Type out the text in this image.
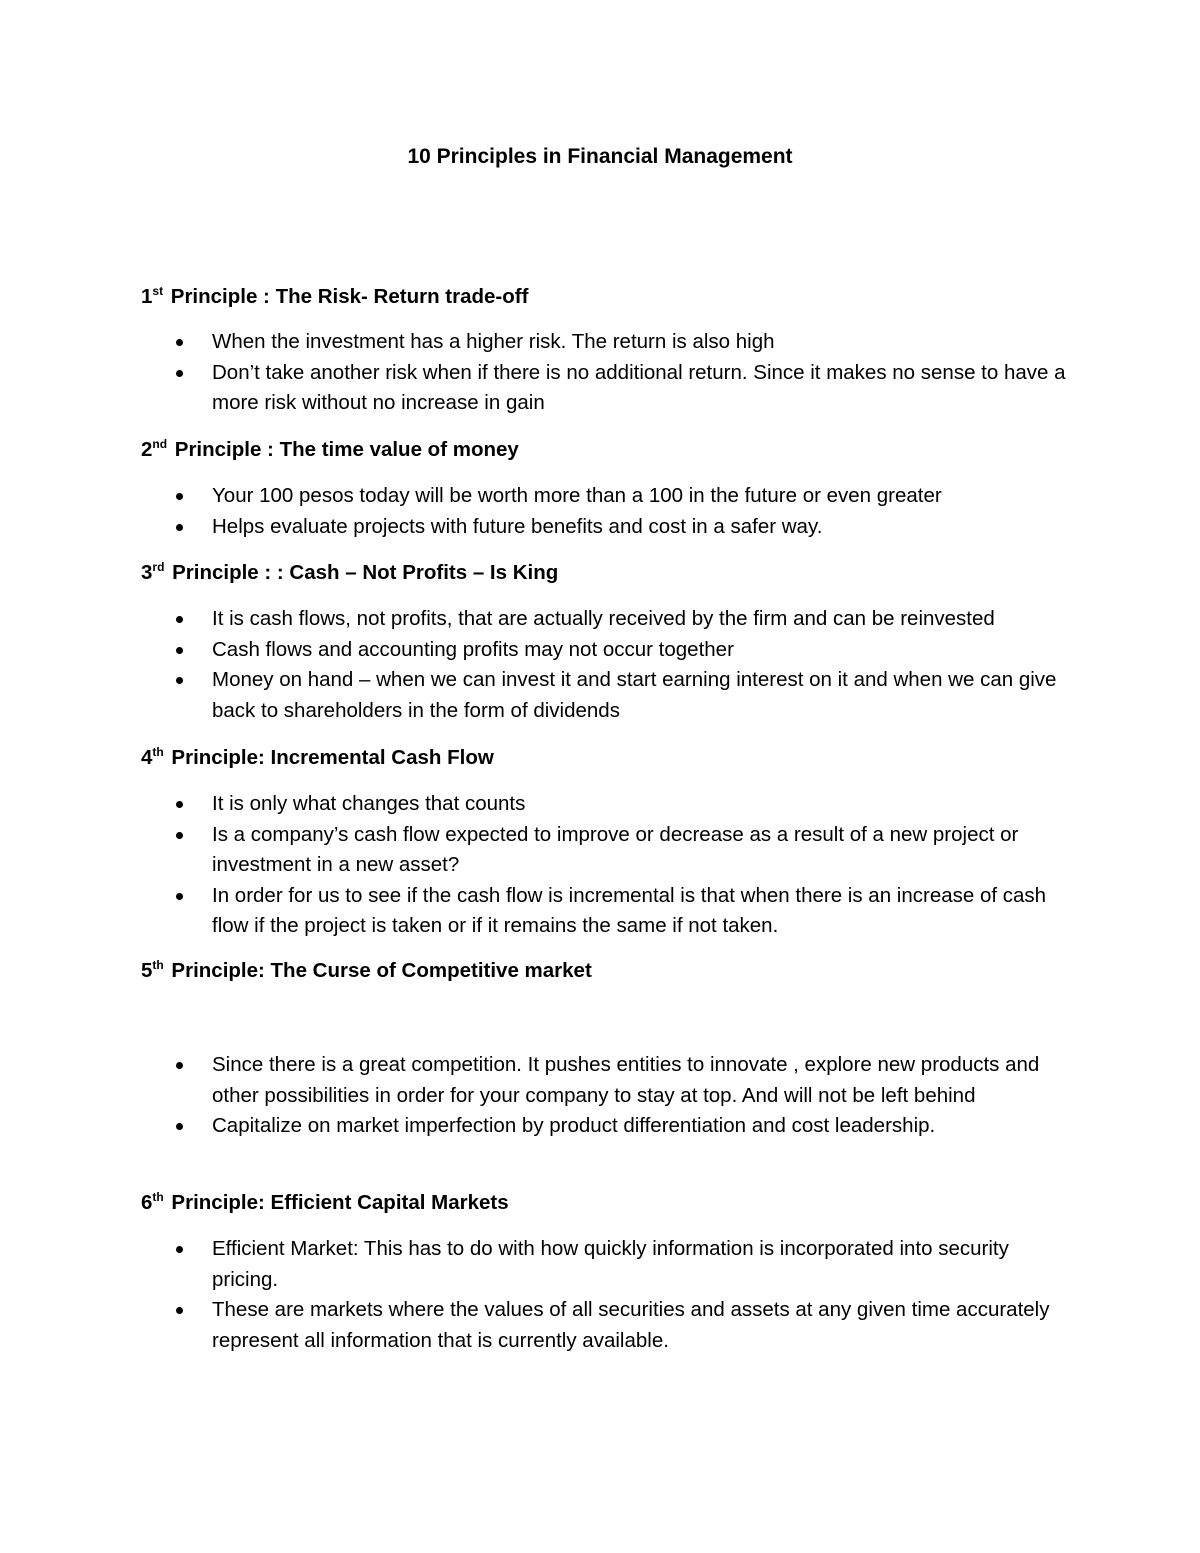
10 Principles in Financial Management
1st Principle : The Risk- Return trade-off
When the investment has a higher risk. The return is also high
Don’t take another risk when if there is no additional return. Since it makes no sense to have a more risk without no increase in gain
2nd Principle : The time value of money
Your 100 pesos today will be worth more than a 100 in the future or even greater
Helps evaluate projects with future benefits and cost in a safer way.
3rd Principle : : Cash – Not Profits – Is King
It is cash flows, not profits, that are actually received by the firm and can be reinvested
Cash flows and accounting profits may not occur together
Money on hand – when we can invest it and start earning interest on it and when we can give back to shareholders in the form of dividends
4th Principle: Incremental Cash Flow
It is only what changes that counts
Is a company’s cash flow expected to improve or decrease as a result of a new project or investment in a new asset?
In order for us to see if the cash flow is incremental is that when there is an increase of cash flow if the project is taken or if it remains the same if not taken.
5th Principle: The Curse of Competitive market
Since there is a great competition. It pushes entities to innovate , explore new products and other possibilities in order for your company to stay at top. And will not be left behind
Capitalize on market imperfection by product differentiation and cost leadership.
6th Principle: Efficient Capital Markets
Efficient Market: This has to do with how quickly information is incorporated into security pricing.
These are markets where the values of all securities and assets at any given time accurately represent all information that is currently available.
